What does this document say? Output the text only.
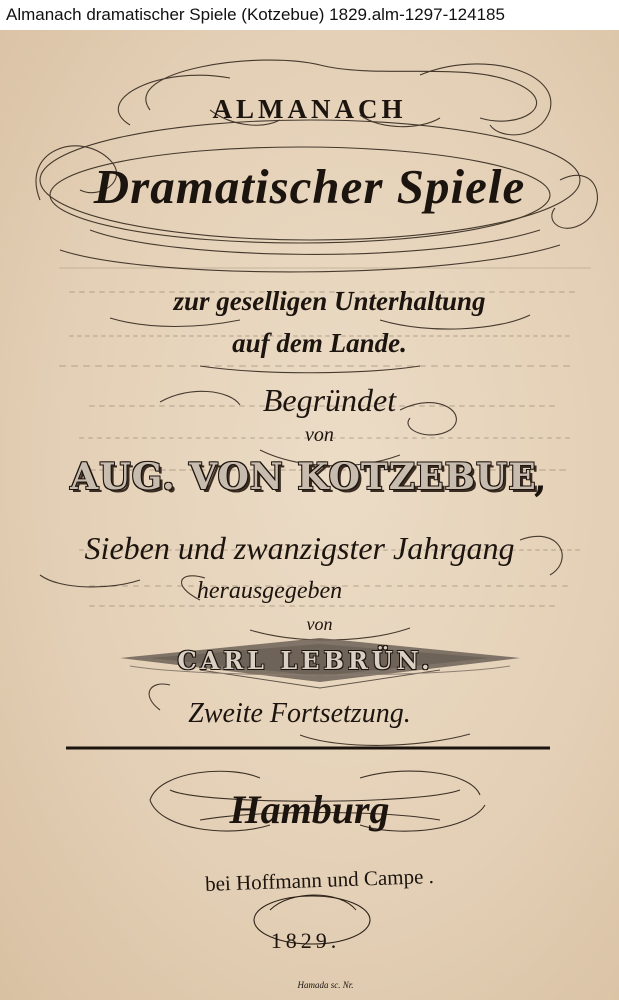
Almanach dramatischer Spiele (Kotzebue) 1829.alm-1297-124185
ALMANACH
Dramatischer Spiele
zur geselligen Unterhaltung
auf dem Lande.
Begründet
von
AUG. VON KOTZEBUE
,
Sieben und zwanzigster Jahrgang
herausgegeben
von
CARL LEBRÜN.
Zweite Fortsetzung.
Hamburg
bei Hoffmann und Campe .
1829.
Hamada sc. Nr.
